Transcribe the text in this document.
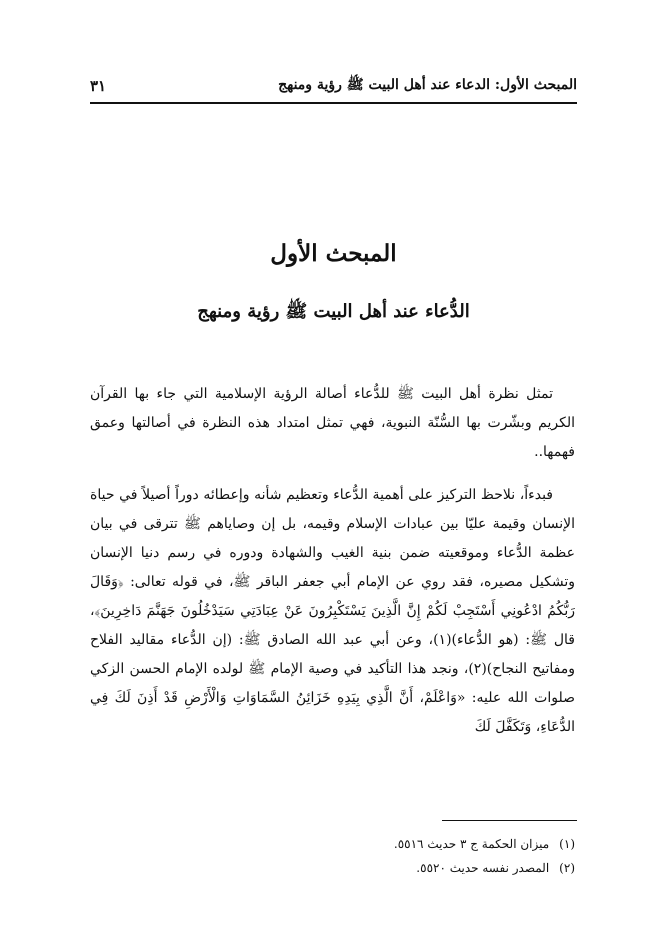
المبحث الأول: الدعاء عند أهل البيت ﷺ رؤية ومنهج
٣١
المبحث الأول
الدُّعاء عند أهل البيت ﷺ رؤية ومنهج

تمثل نظرة أهل البيت ﷺ للدُّعاء أصالة الرؤية الإسلامية التي جاء بها القرآن الكريم وبشّرت بها السُّنّة النبوية، فهي تمثل امتداد هذه النظرة في أصالتها وعمق فهمها..

فبدءاً، نلاحظ التركيز على أهمية الدُّعاء وتعظيم شأنه وإعطائه دوراً أصيلاً في حياة الإنسان وقيمة عليّا بين عبادات الإسلام وقيمه، بل إن وصاياهم ﷺ تترقى في بيان عظمة الدُّعاء وموقعيته ضمن بنية الغيب والشهادة ودوره في رسم دنيا الإنسان وتشكيل مصيره، فقد روي عن الإمام أبي جعفر الباقر ﷺ، في قوله تعالى: ﴿وَقَالَ رَبُّكُمُ ادْعُونِي أَسْتَجِبْ لَكُمْ إِنَّ الَّذِينَ يَسْتَكْبِرُونَ عَنْ عِبَادَتِي سَيَدْخُلُونَ جَهَنَّمَ دَاخِرِينَ﴾، قال ﷺ: (هو الدُّعاء)(١)، وعن أبي عبد الله الصادق ﷺ: (إن الدُّعاء مقاليد الفلاح ومفاتيح النجاح)(٢)، ونجد هذا التأكيد في وصية الإمام ﷺ لولده الإمام الحسن الزكي صلوات الله عليه: «وَاعْلَمْ، أَنَّ الَّذِي بِيَدِهِ خَزَائِنُ السَّمَاوَاتِ وَالْأَرْضِ قَدْ أَذِنَ لَكَ فِي الدُّعَاءِ، وَتَكَفَّلَ لَكَ

(١)
ميزان الحكمة ج ٣ حديث ٥٥١٦.
(٢)
المصدر نفسه حديث ٥٥٢٠.
